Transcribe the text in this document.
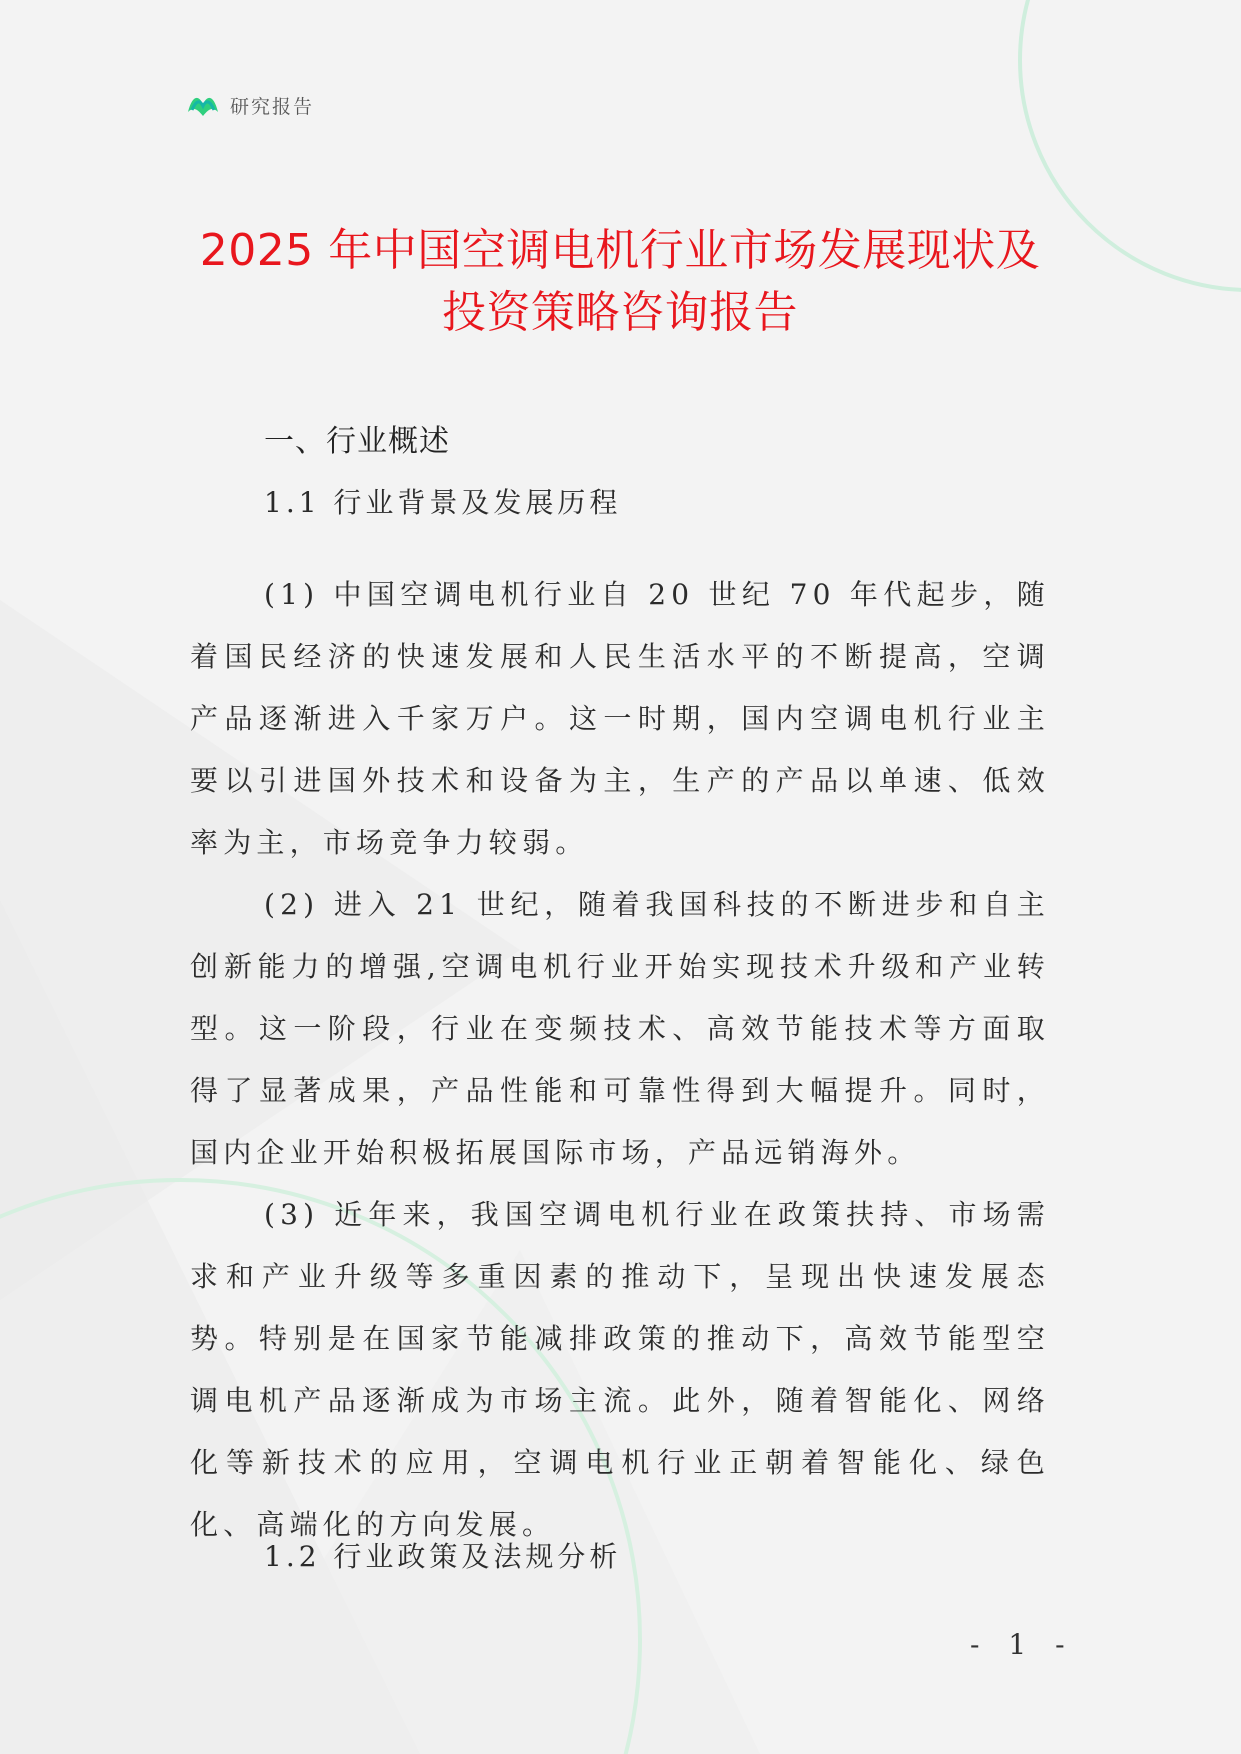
研究报告
2025 年中国空调电机行业市场发展现状及
投资策略咨询报告
一、行业概述
1.1 行业背景及发展历程

(1) 中国空调电机行业自 20 世纪 70 年代起步，随着国民经济的快速发展和人民生活水平的不断提高，空调产品逐渐进入千家万户。这一时期，国内空调电机行业主要以引进国外技术和设备为主，生产的产品以单速、低效率为主，市场竞争力较弱。

(2) 进入 21 世纪，随着我国科技的不断进步和自主创新能力的增强,空调电机行业开始实现技术升级和产业转型。这一阶段，行业在变频技术、高效节能技术等方面取得了显著成果，产品性能和可靠性得到大幅提升。同时，国内企业开始积极拓展国际市场，产品远销海外。

(3) 近年来，我国空调电机行业在政策扶持、市场需求和产业升级等多重因素的推动下，呈现出快速发展态势。特别是在国家节能减排政策的推动下，高效节能型空调电机产品逐渐成为市场主流。此外，随着智能化、网络化等新技术的应用，空调电机行业正朝着智能化、绿色化、高端化的方向发展。

1.2 行业政策及法规分析
- 1 -
